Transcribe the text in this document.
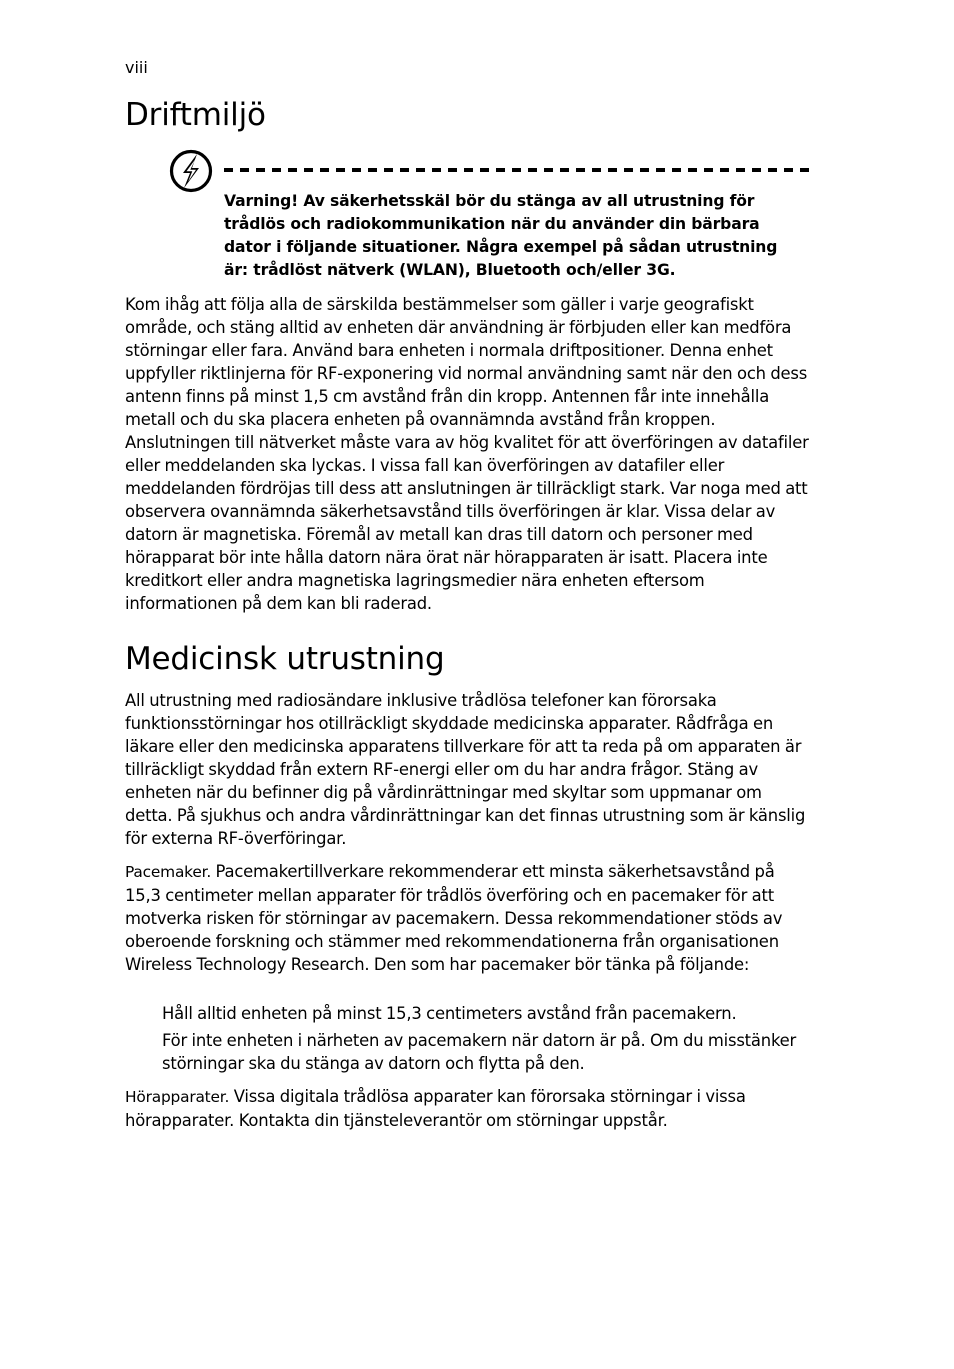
viii
Driftmiljö
Varning! Av säkerhetsskäl bör du stänga av all utrustning för trådlös och radiokommunikation när du använder din bärbara dator i följande situationer. Några exempel på sådan utrustning är: trådlöst nätverk (WLAN), Bluetooth och/eller 3G.

Kom ihåg att följa alla de särskilda bestämmelser som gäller i varje geografiskt område, och stäng alltid av enheten där användning är förbjuden eller kan medföra störningar eller fara. Använd bara enheten i normala driftpositioner. Denna enhet uppfyller riktlinjerna för RF-exponering vid normal användning samt när den och dess antenn finns på minst 1,5 cm avstånd från din kropp. Antennen får inte innehålla metall och du ska placera enheten på ovannämnda avstånd från kroppen. Anslutningen till nätverket måste vara av hög kvalitet för att överföringen av datafiler eller meddelanden ska lyckas. I vissa fall kan överföringen av datafiler eller meddelanden fördröjas till dess att anslutningen är tillräckligt stark. Var noga med att observera ovannämnda säkerhetsavstånd tills överföringen är klar. Vissa delar av datorn är magnetiska. Föremål av metall kan dras till datorn och personer med hörapparat bör inte hålla datorn nära örat när hörapparaten är isatt. Placera inte kreditkort eller andra magnetiska lagringsmedier nära enheten eftersom informationen på dem kan bli raderad.

Medicinsk utrustning

All utrustning med radiosändare inklusive trådlösa telefoner kan förorsaka funktionsstörningar hos otillräckligt skyddade medicinska apparater. Rådfråga en läkare eller den medicinska apparatens tillverkare för att ta reda på om apparaten är tillräckligt skyddad från extern RF-energi eller om du har andra frågor. Stäng av enheten när du befinner dig på vårdinrättningar med skyltar som uppmanar om detta. På sjukhus och andra vårdinrättningar kan det finnas utrustning som är känslig för externa RF-överföringar.

Pacemaker. Pacemakertillverkare rekommenderar ett minsta säkerhetsavstånd på 15,3 centimeter mellan apparater för trådlös överföring och en pacemaker för att motverka risken för störningar av pacemakern. Dessa rekommendationer stöds av oberoende forskning och stämmer med rekommendationerna från organisationen Wireless Technology Research. Den som har pacemaker bör tänka på följande:

Håll alltid enheten på minst 15,3 centimeters avstånd från pacemakern.
För inte enheten i närheten av pacemakern när datorn är på. Om du misstänker störningar ska du stänga av datorn och flytta på den.

Hörapparater. Vissa digitala trådlösa apparater kan förorsaka störningar i vissa hörapparater. Kontakta din tjänsteleverantör om störningar uppstår.
